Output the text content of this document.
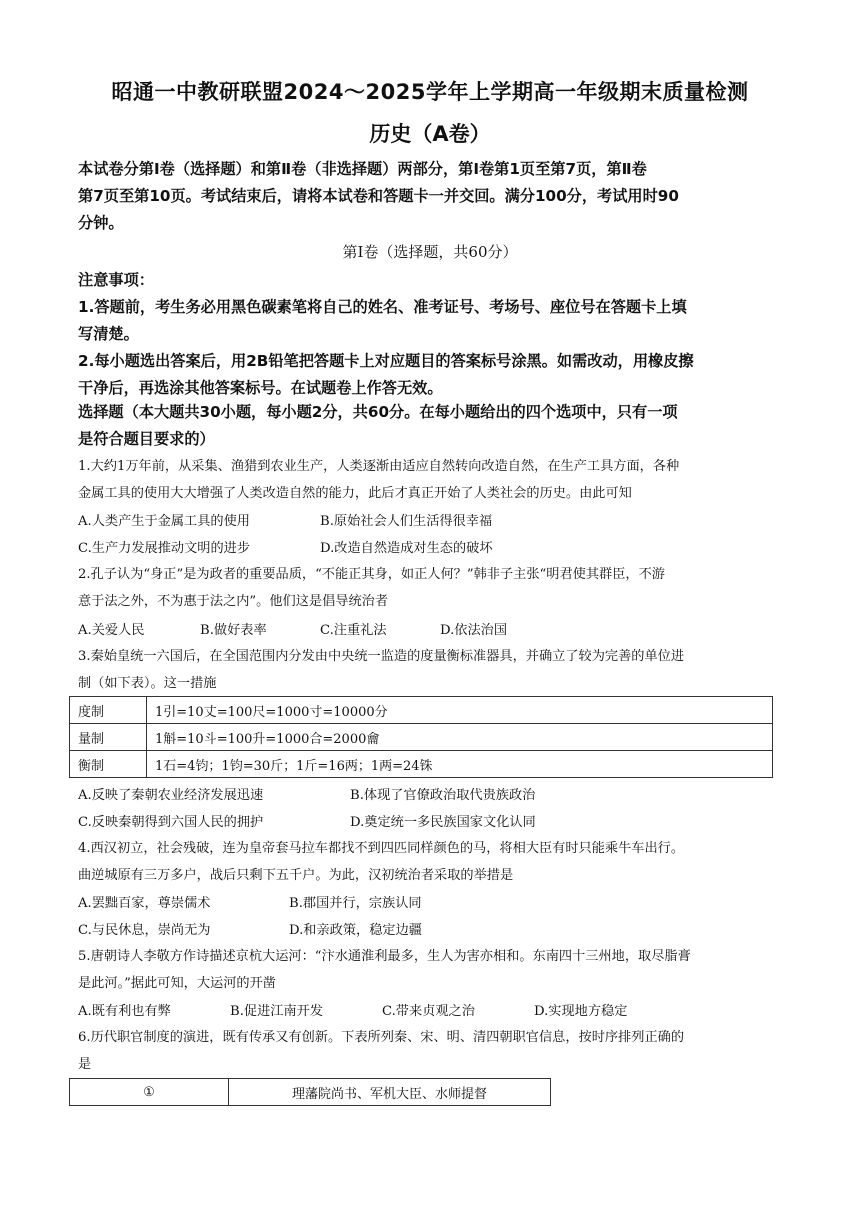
昭通一中教研联盟2024～2025学年上学期高一年级期末质量检测
历史（A卷）
本试卷分第Ⅰ卷（选择题）和第Ⅱ卷（非选择题）两部分，第Ⅰ卷第1页至第7页，第Ⅱ卷
第7页至第10页。考试结束后，请将本试卷和答题卡一并交回。满分100分，考试用时90
分钟。
第Ⅰ卷（选择题，共60分）
注意事项：
1.答题前，考生务必用黑色碳素笔将自己的姓名、准考证号、考场号、座位号在答题卡上填
写清楚。
2.每小题选出答案后，用2B铅笔把答题卡上对应题目的答案标号涂黑。如需改动，用橡皮擦
干净后，再选涂其他答案标号。在试题卷上作答无效。
选择题（本大题共30小题，每小题2分，共60分。在每小题给出的四个选项中，只有一项
是符合题目要求的）
1.大约1万年前，从采集、渔猎到农业生产，人类逐渐由适应自然转向改造自然，在生产工具方面，各种
金属工具的使用大大增强了人类改造自然的能力，此后才真正开始了人类社会的历史。由此可知
A.人类产生于金属工具的使用	B.原始社会人们生活得很幸福
C.生产力发展推动文明的进步	D.改造自然造成对生态的破坏
2.孔子认为“身正”是为政者的重要品质，“不能正其身，如正人何？”韩非子主张“明君使其群臣，不游
意于法之外，不为惠于法之内”。他们这是倡导统治者
A.关爱人民	B.做好表率	C.注重礼法	D.依法治国
3.秦始皇统一六国后，在全国范围内分发由中央统一监造的度量衡标准器具，并确立了较为完善的单位进
制（如下表）。这一措施
度制	1引=10丈=100尺=1000寸=10000分
量制	1斛=10斗=100升=1000合=2000龠
衡制	1石=4钧；1钧=30斤；1斤=16两；1两=24铢
A.反映了秦朝农业经济发展迅速	B.体现了官僚政治取代贵族政治
C.反映秦朝得到六国人民的拥护	D.奠定统一多民族国家文化认同
4.西汉初立，社会残破，连为皇帝套马拉车都找不到四匹同样颜色的马，将相大臣有时只能乘牛车出行。
曲逆城原有三万多户，战后只剩下五千户。为此，汉初统治者采取的举措是
A.罢黜百家，尊崇儒术	B.郡国并行，宗族认同
C.与民休息，崇尚无为	D.和亲政策，稳定边疆
5.唐朝诗人李敬方作诗描述京杭大运河：“汴水通淮利最多，生人为害亦相和。东南四十三州地，取尽脂膏
是此河。”据此可知，大运河的开凿
A.既有利也有弊	B.促进江南开发	C.带来贞观之治	D.实现地方稳定
6.历代职官制度的演进，既有传承又有创新。下表所列秦、宋、明、清四朝职官信息，按时序排列正确的
是
①	理藩院尚书、军机大臣、水师提督
